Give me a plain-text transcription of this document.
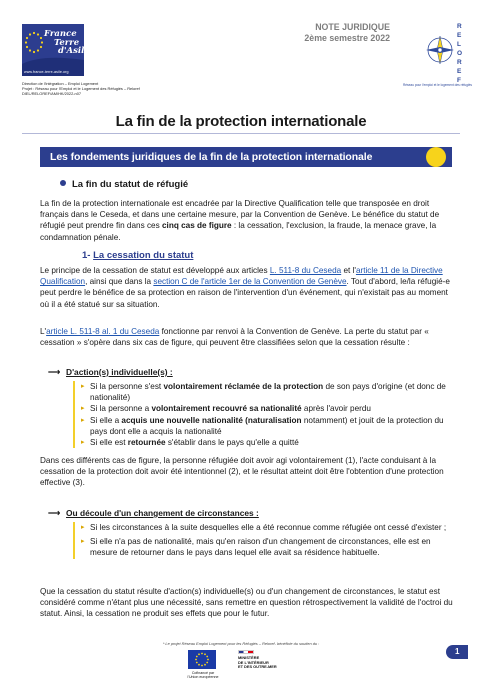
France
Terre
d'Asile
www.france-terre-asile.org
Direction de l'intégration – Emploi Logement
Projet : Réseau pour l'Emploi et le Logement des Réfugiés – Reloref
DIEL/RELOREF/AM/HK/2022-n07
NOTE JURIDIQUE
2ème semestre 2022
R
E
L
O
R
E
F
Réseau pour l'emploi et le logement des réfugiés
La fin de la protection internationale
Les fondements juridiques de la fin de la protection internationale
La fin du statut de réfugié
La fin de la protection internationale est encadrée par la Directive Qualification telle que transposée en droit français dans le Ceseda, et dans une certaine mesure, par la Convention de Genève. Le bénéfice du statut de réfugié peut prendre fin dans ces cinq cas de figure : la cessation, l'exclusion, la fraude, la menace grave, la condamnation pénale.
1- La cessation du statut
Le principe de la cessation de statut est développé aux articles L. 511-8 du Ceseda et l'article 11 de la Directive Qualification, ainsi que dans la section C de l'article 1er de la Convention de Genève. Tout d'abord, le/la réfugié-e peut perdre le bénéfice de sa protection en raison de l'intervention d'un événement, qui n'existait pas au moment où il a été statué sur sa situation.
L'article L. 511-8 al. 1 du Ceseda fonctionne par renvoi à la Convention de Genève. La perte du statut par « cessation » s'opère dans six cas de figure, qui peuvent être classifiées selon que la cessation résulte :
⟶ D'action(s) individuelle(s) :
▸ Si la personne s'est volontairement réclamée de la protection de son pays d'origine (et donc de nationalité)
▸ Si la personne a volontairement recouvré sa nationalité après l'avoir perdu
▸ Si elle a acquis une nouvelle nationalité (naturalisation notamment) et jouit de la protection du pays dont elle a acquis la nationalité
▸ Si elle est retournée s'établir dans le pays qu'elle a quitté
Dans ces différents cas de figure, la personne réfugiée doit avoir agi volontairement (1), l'acte conduisant à la cessation de la protection doit avoir été intentionnel (2), et le résultat atteint doit être l'obtention d'une protection effective (3).
⟶ Ou découle d'un changement de circonstances :
▸ Si les circonstances à la suite desquelles elle a été reconnue comme réfugiée ont cessé d'exister ;
▸ Si elle n'a pas de nationalité, mais qu'en raison d'un changement de circonstances, elle est en mesure de retourner dans le pays dans lequel elle avait sa résidence habituelle.
Que la cessation du statut résulte d'action(s) individuelle(s) ou d'un changement de circonstances, le statut est considéré comme n'étant plus une nécessité, sans remettre en question rétrospectivement la validité de l'octroi du statut. Ainsi, la cessation ne produit ses effets que pour le futur.
* Le projet Réseau Emploi Logement pour les Réfugiés – Reloref- bénéficie du soutien du :
Cofinancé par
l'Union européenne
MINISTÈRE
DE L'INTÉRIEUR
ET DES OUTRE-MER
1
